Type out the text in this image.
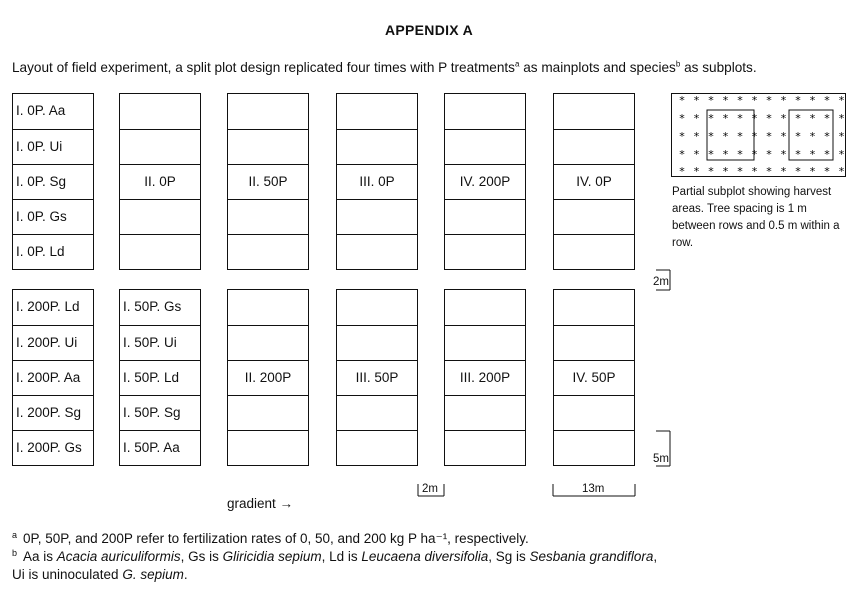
APPENDIX A
Layout of field experiment, a split plot design replicated four times with P treatments$^a$ as mainplots and species$^b$ as subplots.
I. 0P. Aa
I. 0P. Ui
I. 0P. Sg
I. 0P. Gs
I. 0P. Ld
II. 0P	II. 50P	III. 0P	IV. 200P	IV. 0P
I. 200P. Ld
I. 200P. Ui
I. 200P. Aa
I. 200P. Sg
I. 200P. Gs
I. 50P. Gs
I. 50P. Ui
I. 50P. Ld
I. 50P. Sg
I. 50P. Aa
II. 200P	III. 50P	III. 200P	IV. 50P
* * * * * * * * * * * *
* * * * * * * * * * * *
* * * * * * * * * * * *
* * * * * * * * * * * *
* * * * * * * * * * * *
Partial subplot showing harvest areas. Tree spacing is 1 m between rows and 0.5 m within a row.
2m	13m
2m
5m
gradient →
$^a$ 0P, 50P, and 200P refer to fertilization rates of 0, 50, and 200 kg P ha⁻¹, respectively.
$^b$ Aa is Acacia auriculiformis, Gs is Gliricidia sepium, Ld is Leucaena diversifolia, Sg is Sesbania grandiflora,
Ui is uninoculated G. sepium.
